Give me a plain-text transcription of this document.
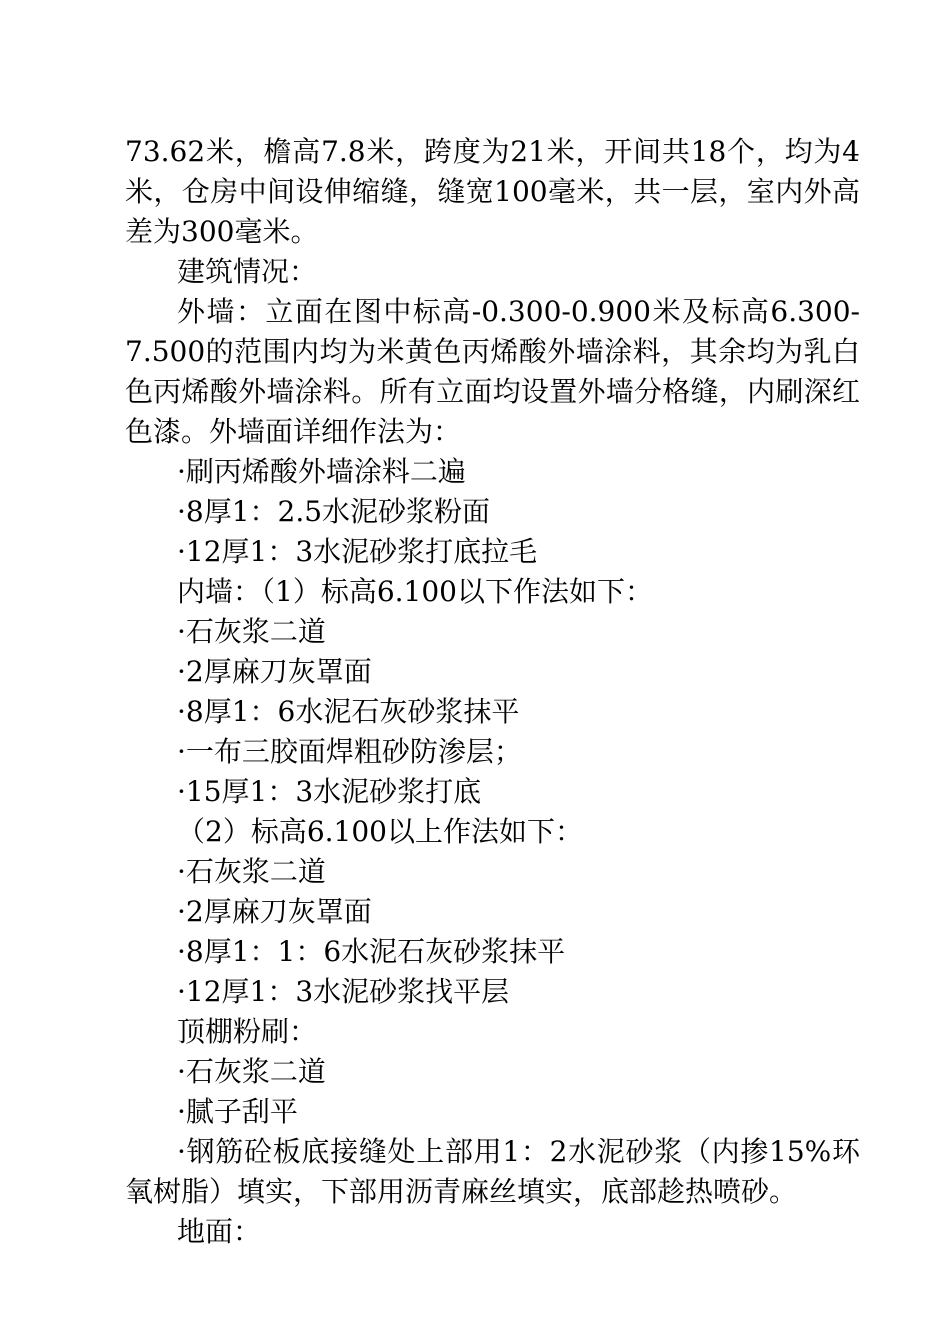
73.62米，檐高7.8米，跨度为21米，开间共18个，均为4米，仓房中间设伸缩缝，缝宽100毫米，共一层，室内外高差为300毫米。

建筑情况：

外墙：立面在图中标高-0.300-0.900米及标高6.300-7.500的范围内均为米黄色丙烯酸外墙涂料，其余均为乳白色丙烯酸外墙涂料。所有立面均设置外墙分格缝，内刷深红色漆。外墙面详细作法为：

·刷丙烯酸外墙涂料二遍

·8厚1：2.5水泥砂浆粉面

·12厚1：3水泥砂浆打底拉毛

内墙：（1）标高6.100以下作法如下：

·石灰浆二道

·2厚麻刀灰罩面

·8厚1：6水泥石灰砂浆抹平

·一布三胶面焊粗砂防渗层；

·15厚1：3水泥砂浆打底

（2）标高6.100以上作法如下：

·石灰浆二道

·2厚麻刀灰罩面

·8厚1：1：6水泥石灰砂浆抹平

·12厚1：3水泥砂浆找平层

顶棚粉刷：

·石灰浆二道

·腻子刮平

·钢筋砼板底接缝处上部用1：2水泥砂浆（内掺15%环氧树脂）填实，下部用沥青麻丝填实，底部趁热喷砂。

地面：
